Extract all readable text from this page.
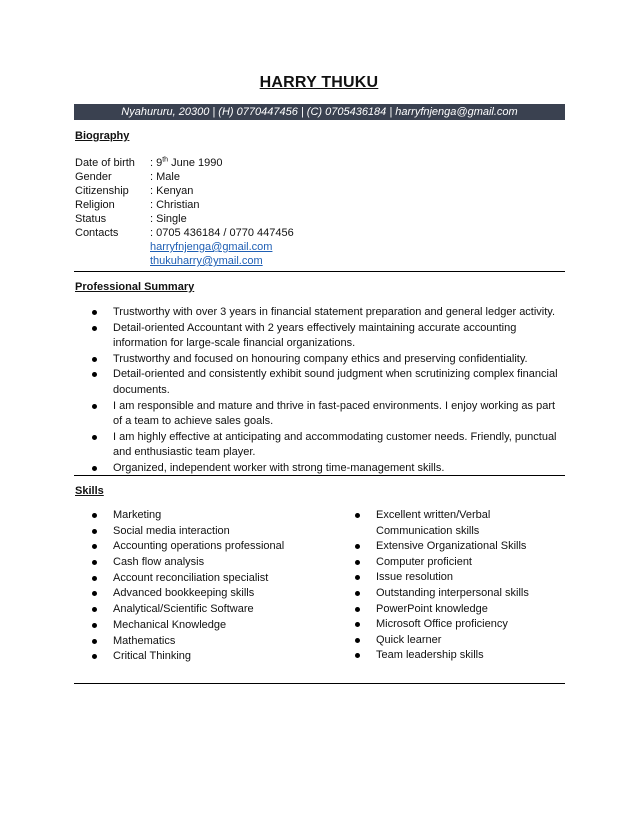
HARRY THUKU
Nyahururu, 20300 | (H) 0770447456 | (C) 0705436184 | harryfnjenga@gmail.com
Biography
Date of birth : 9th June 1990
Gender	: Male
Citizenship : Kenyan
Religion	: Christian
Status	: Single
Contacts	: 0705 436184 / 0770 447456
harryfnjenga@gmail.com
thukuharry@ymail.com
Professional Summary
Trustworthy with over 3 years in financial statement preparation and general ledger activity.
Detail-oriented Accountant with 2 years effectively maintaining accurate accounting information for large-scale financial organizations.
Trustworthy and focused on honouring company ethics and preserving confidentiality.
Detail-oriented and consistently exhibit sound judgment when scrutinizing complex financial documents.
I am responsible and mature and thrive in fast-paced environments. I enjoy working as part of a team to achieve sales goals.
I am highly effective at anticipating and accommodating customer needs. Friendly, punctual and enthusiastic team player.
Organized, independent worker with strong time-management skills.
Skills
Marketing
Social media interaction
Accounting operations professional
Cash flow analysis
Account reconciliation specialist
Advanced bookkeeping skills
Analytical/Scientific Software
Mechanical Knowledge
Mathematics
Critical Thinking
Excellent written/Verbal Communication skills
Extensive Organizational Skills
Computer proficient
Issue resolution
Outstanding interpersonal skills
PowerPoint knowledge
Microsoft Office proficiency
Quick learner
Team leadership skills
